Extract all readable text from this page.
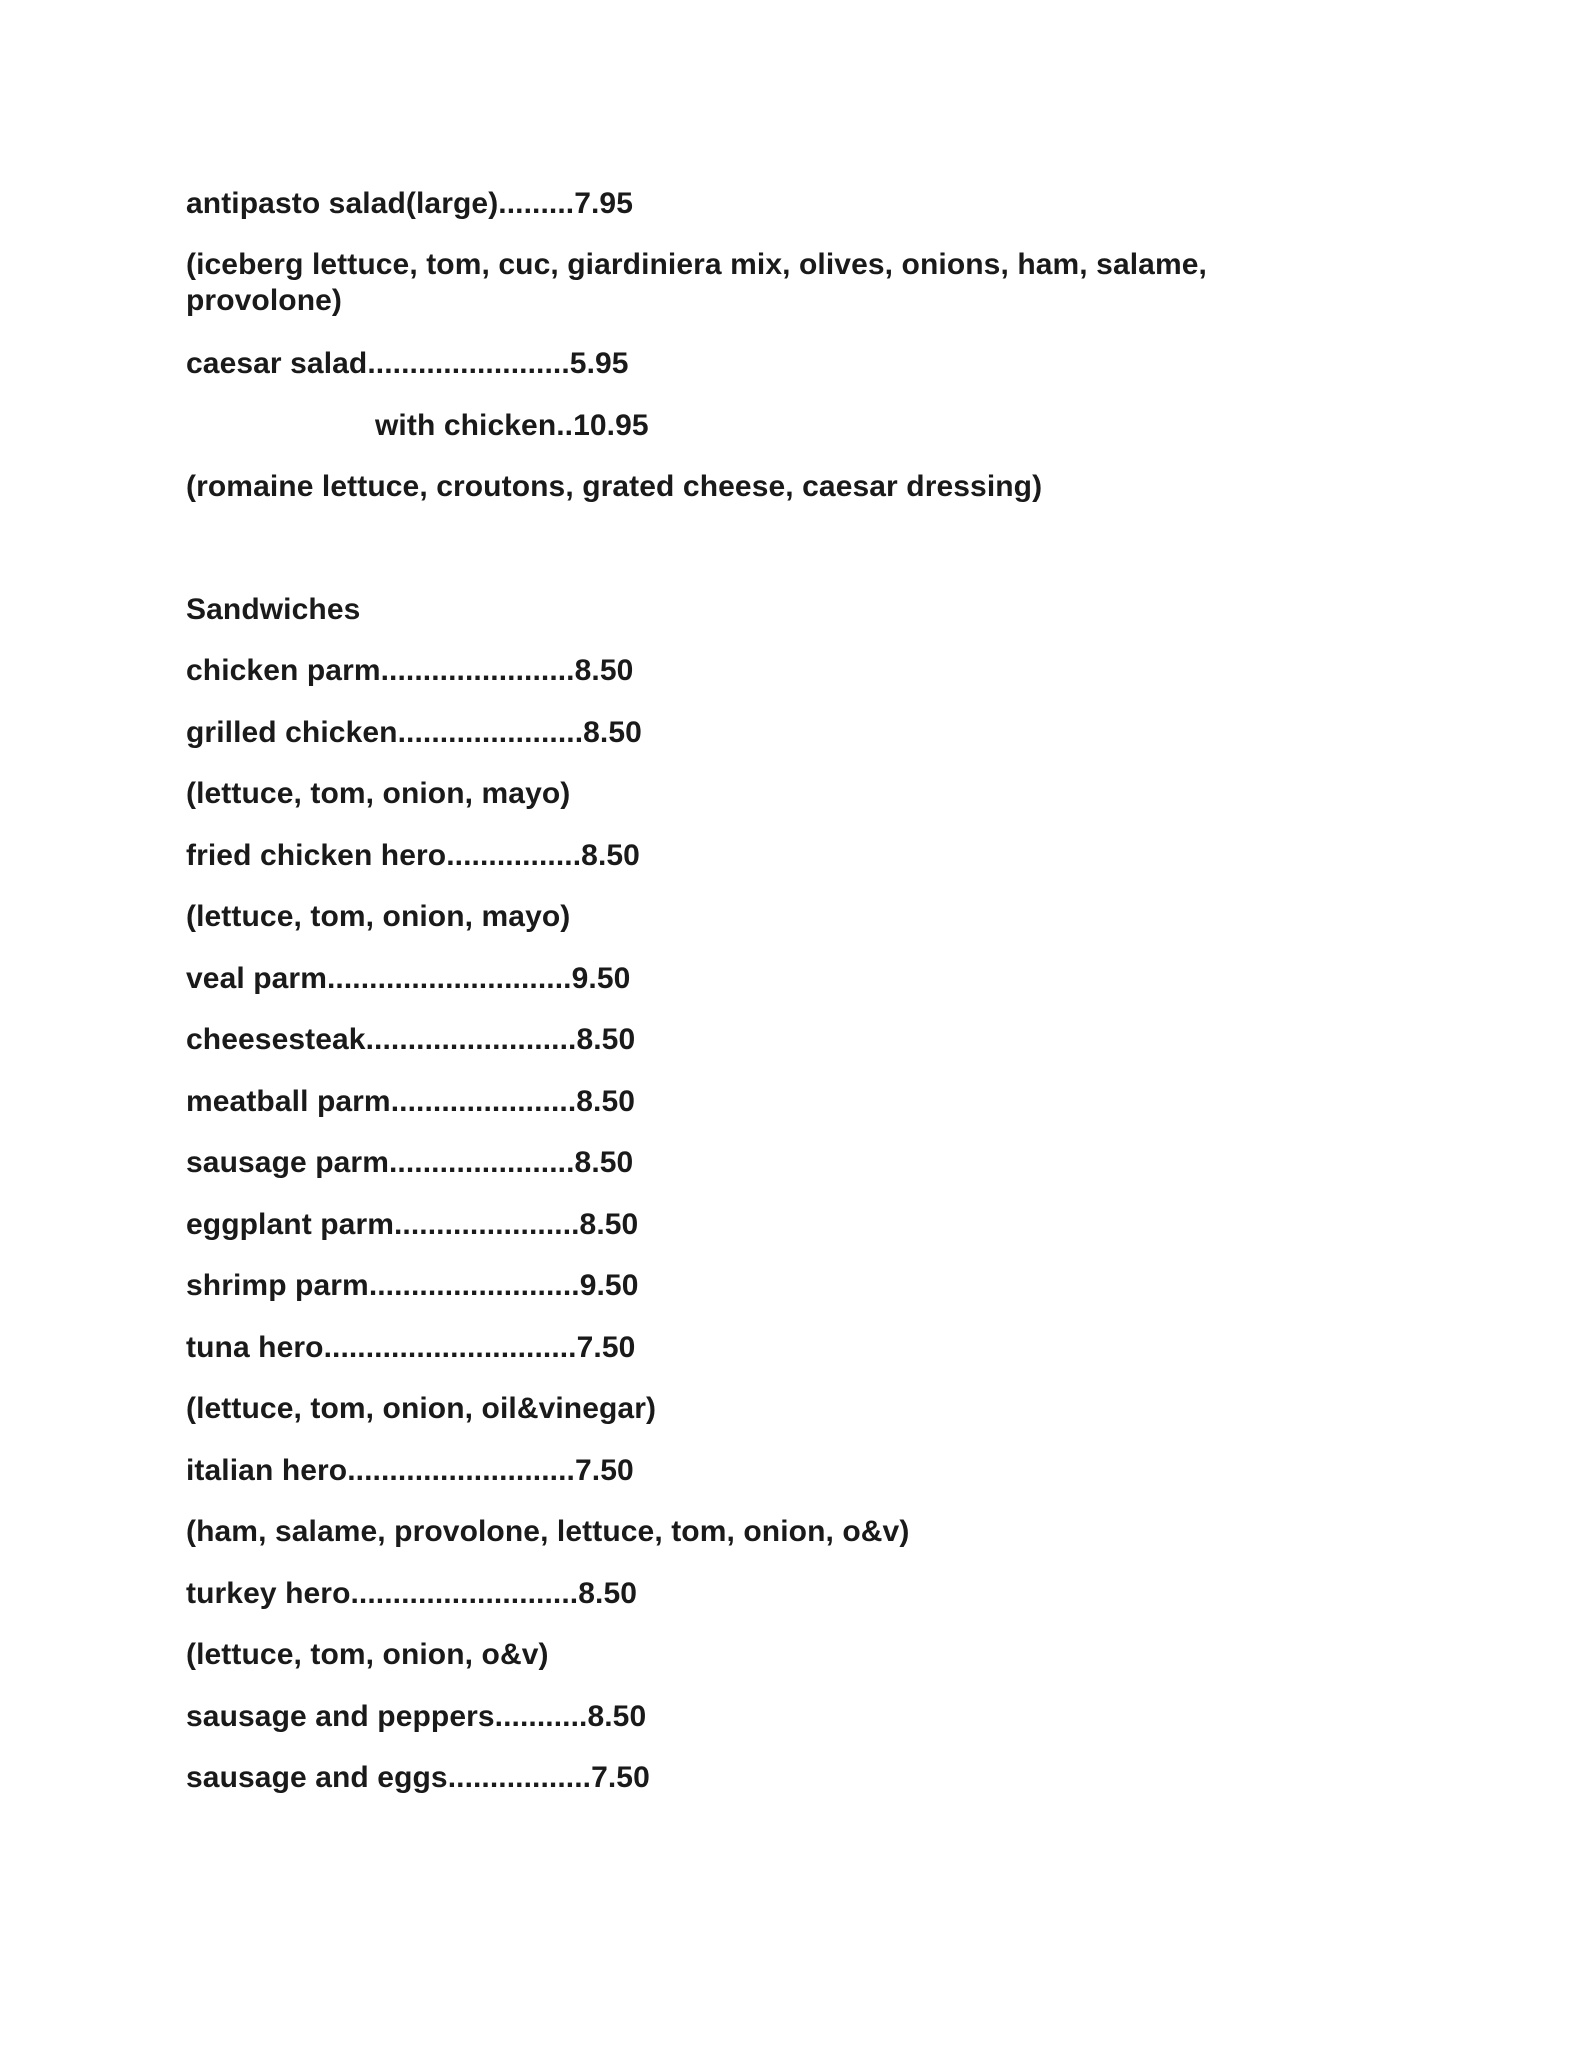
antipasto salad(large).........7.95
(iceberg lettuce, tom, cuc, giardiniera mix, olives, onions, ham, salame, provolone)
caesar salad........................5.95
with chicken..10.95
(romaine lettuce, croutons, grated cheese, caesar dressing)
Sandwiches
chicken parm.......................8.50
grilled chicken......................8.50
(lettuce, tom, onion, mayo)
fried chicken hero................8.50
(lettuce, tom, onion, mayo)
veal parm.............................9.50
cheesesteak.........................8.50
meatball parm......................8.50
sausage parm......................8.50
eggplant parm......................8.50
shrimp parm.........................9.50
tuna hero..............................7.50
(lettuce, tom, onion, oil&vinegar)
italian hero...........................7.50
(ham, salame, provolone, lettuce, tom, onion, o&v)
turkey hero...........................8.50
(lettuce, tom, onion, o&v)
sausage and peppers...........8.50
sausage and eggs.................7.50
